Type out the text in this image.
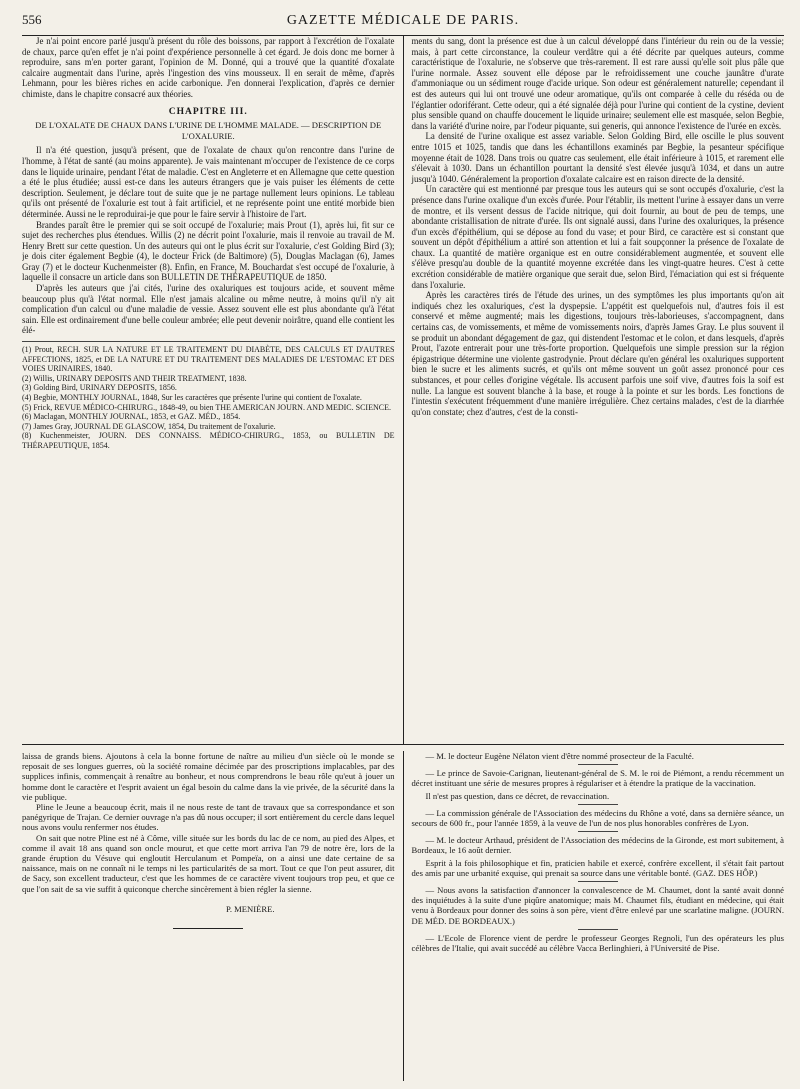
556	GAZETTE MÉDICALE DE PARIS.

Je n'ai point encore parlé jusqu'à présent du rôle des boissons, par rapport à l'excrétion de l'oxalate de chaux, parce qu'en effet je n'ai point d'expérience personnelle à cet égard. Je dois donc me borner à reproduire, sans m'en porter garant, l'opinion de M. Donné, qui a trouvé que la quantité d'oxalate calcaire augmentait dans l'urine, après l'ingestion des vins mousseux. Il en serait de même, d'après Lehmann, pour les bières riches en acide carbonique. J'en donnerai l'explication, d'après ce dernier chimiste, dans le chapitre consacré aux théories.

CHAPITRE III.

DE L'OXALATE DE CHAUX DANS L'URINE DE L'HOMME MALADE. — DESCRIPTION DE L'OXALURIE.

Il n'a été question, jusqu'à présent, que de l'oxalate de chaux qu'on rencontre dans l'urine de l'homme, à l'état de santé (au moins apparente). Je vais maintenant m'occuper de l'existence de ce corps dans le liquide urinaire, pendant l'état de maladie. C'est en Angleterre et en Allemagne que cette question a été le plus étudiée; aussi est-ce dans les auteurs étrangers que je vais puiser les éléments de cette description. Seulement, je déclare tout de suite que je ne partage nullement leurs opinions. Le tableau qu'ils ont présenté de l'oxalurie est tout à fait artificiel, et ne représente point une entité morbide bien déterminée. Aussi ne le reproduirai-je que pour le faire servir à l'histoire de l'art.

Brandes paraît être le premier qui se soit occupé de l'oxalurie; mais Prout (1), après lui, fit sur ce sujet des recherches plus étendues. Willis (2) ne décrit point l'oxalurie, mais il renvoie au travail de M. Henry Brett sur cette question. Un des auteurs qui ont le plus écrit sur l'oxalurie, c'est Golding Bird (3); je dois citer également Begbie (4), le docteur Frick (de Baltimore) (5), Douglas Maclagan (6), James Gray (7) et le docteur Kuchenmeister (8). Enfin, en France, M. Bouchardat s'est occupé de l'oxalurie, à laquelle il consacre un article dans son BULLETIN DE THÉRAPEUTIQUE de 1850.

D'après les auteurs que j'ai cités, l'urine des oxaluriques est toujours acide, et souvent même beaucoup plus qu'à l'état normal. Elle n'est jamais alcaline ou même neutre, à moins qu'il n'y ait complication d'un calcul ou d'une maladie de vessie. Assez souvent elle est plus abondante qu'à l'état sain. Elle est ordinairement d'une belle couleur ambrée; elle peut devenir noirâtre, quand elle contient les élé-

(1) Prout, RECH. SUR LA NATURE ET LE TRAITEMENT DU DIABÈTE, DES CALCULS ET D'AUTRES AFFECTIONS, 1825, et DE LA NATURE ET DU TRAITEMENT DES MALADIES DE L'ESTOMAC ET DES VOIES URINAIRES, 1840.

(2) Willis, URINARY DEPOSITS AND THEIR TREATMENT, 1838.

(3) Golding Bird, URINARY DEPOSITS, 1856.

(4) Begbie, MONTHLY JOURNAL, 1848, Sur les caractères que présente l'urine qui contient de l'oxalate.

(5) Frick, REVUE MÉDICO-CHIRURG., 1848-49, ou bien THE AMERICAN JOURN. AND MEDIC. SCIENCE.

(6) Maclagan, MONTHLY JOURNAL, 1853, et GAZ. MÉD., 1854.

(7) James Gray, JOURNAL DE GLASCOW, 1854, Du traitement de l'oxalurie.

(8) Kuchenmeister, JOURN. DES CONNAISS. MÉDICO-CHIRURG., 1853, ou BULLETIN DE THÉRAPEUTIQUE, 1854.

ments du sang, dont la présence est due à un calcul développé dans l'intérieur du rein ou de la vessie; mais, à part cette circonstance, la couleur verdâtre qui a été décrite par quelques auteurs, comme caractéristique de l'oxalurie, ne s'observe que très-rarement. Il est rare aussi qu'elle soit plus pâle que l'urine normale. Assez souvent elle dépose par le refroidissement une couche jaunâtre d'urate d'ammoniaque ou un sédiment rouge d'acide urique. Son odeur est généralement naturelle; cependant il est des auteurs qui lui ont trouvé une odeur aromatique, qu'ils ont comparée à celle du réséda ou de l'églantier odoriférant. Cette odeur, qui a été signalée déjà pour l'urine qui contient de la cystine, devient plus sensible quand on chauffe doucement le liquide urinaire; seulement elle est masquée, selon Begbie, dans la variété d'urine noire, par l'odeur piquante, sui generis, qui annonce l'existence de l'urée en excès.

La densité de l'urine oxalique est assez variable. Selon Golding Bird, elle oscille le plus souvent entre 1015 et 1025, tandis que dans les échantillons examinés par Begbie, la pesanteur spécifique moyenne était de 1028. Dans trois ou quatre cas seulement, elle était inférieure à 1015, et rarement elle s'élevait à 1030. Dans un échantillon pourtant la densité s'est élevée jusqu'à 1034, et dans un autre jusqu'à 1040. Généralement la proportion d'oxalate calcaire est en raison directe de la densité.

Un caractère qui est mentionné par presque tous les auteurs qui se sont occupés d'oxalurie, c'est la présence dans l'urine oxalique d'un excès d'urée. Pour l'établir, ils mettent l'urine à essayer dans un verre de montre, et ils versent dessus de l'acide nitrique, qui doit fournir, au bout de peu de temps, une abondante cristallisation de nitrate d'urée. Ils ont signalé aussi, dans l'urine des oxaluriques, la présence d'un excès d'épithélium, qui se dépose au fond du vase; et pour Bird, ce caractère est si constant que souvent un dépôt d'épithélium a attiré son attention et lui a fait soupçonner la présence de l'oxalate de chaux. La quantité de matière organique est en outre considérablement augmentée, et souvent elle s'élève presqu'au double de la quantité moyenne excrétée dans les vingt-quatre heures. C'est à cette excrétion considérable de matière organique que serait due, selon Bird, l'émaciation qui est si fréquente dans l'oxalurie.

Après les caractères tirés de l'étude des urines, un des symptômes les plus importants qu'on ait indiqués chez les oxaluriques, c'est la dyspepsie. L'appétit est quelquefois nul, d'autres fois il est conservé et même augmenté; mais les digestions, toujours très-laborieuses, s'accompagnent, dans certains cas, de vomissements, et même de vomissements noirs, d'après James Gray. Le plus souvent il se produit un abondant dégagement de gaz, qui distendent l'estomac et le colon, et dans lesquels, d'après Prout, l'azote entrerait pour une très-forte proportion. Quelquefois une simple pression sur la région épigastrique détermine une violente gastrodynie. Prout déclare qu'en général les oxaluriques supportent bien le sucre et les aliments sucrés, et qu'ils ont même souvent un goût assez prononcé pour ces substances, et pour celles d'origine végétale. Ils accusent parfois une soif vive, d'autres fois la soif est nulle. La langue est souvent blanche à la base, et rouge à la pointe et sur les bords. Les fonctions de l'intestin s'exécutent fréquemment d'une manière irrégulière. Chez certains malades, c'est de la diarrhée qu'on constate; chez d'autres, c'est de la consti-

laissa de grands biens. Ajoutons à cela la bonne fortune de naître au milieu d'un siècle où le monde se reposait de ses longues guerres, où la société romaine décimée par des proscriptions implacables, par des supplices infinis, commençait à renaître au bonheur, et nous comprendrons le beau rôle qu'eut à jouer un homme dont le caractère et l'esprit avaient un égal besoin du calme dans la vie privée, de la sécurité dans la vie publique.

Pline le Jeune a beaucoup écrit, mais il ne nous reste de tant de travaux que sa correspondance et son panégyrique de Trajan. Ce dernier ouvrage n'a pas dû nous occuper; il sort entièrement du cercle dans lequel nous avons voulu renfermer nos études.

On sait que notre Pline est né à Côme, ville située sur les bords du lac de ce nom, au pied des Alpes, et comme il avait 18 ans quand son oncle mourut, et que cette mort arriva l'an 79 de notre ère, lors de la grande éruption du Vésuve qui engloutit Herculanum et Pompeïa, on a ainsi une date certaine de sa naissance, mais on ne connaît ni le temps ni les particularités de sa mort. Tout ce que l'on peut assurer, dit de Sacy, son excellent traducteur, c'est que les hommes de ce caractère vivent toujours trop peu, et que ce que l'on sait de sa vie suffit à quiconque cherche sincèrement à bien régler la sienne.

P. MENIÈRE.

— M. le docteur Eugène Nélaton vient d'être nommé prosecteur de la Faculté.

— Le prince de Savoie-Carignan, lieutenant-général de S. M. le roi de Piémont, a rendu récemment un décret instituant une série de mesures propres à régulariser et à étendre la pratique de la vaccination.

Il n'est pas question, dans ce décret, de revaccination.

— La commission générale de l'Association des médecins du Rhône a voté, dans sa dernière séance, un secours de 600 fr., pour l'année 1859, à la veuve de l'un de nos plus honorables confrères de Lyon.

— M. le docteur Arthaud, président de l'Association des médecins de la Gironde, est mort subitement, à Bordeaux, le 16 août dernier.

Esprit à la fois philosophique et fin, praticien habile et exercé, confrère excellent, il s'était fait partout des amis par une urbanité exquise, qui prenait sa source dans une véritable bonté. (GAZ. DES HÔP.)

— Nous avons la satisfaction d'annoncer la convalescence de M. Chaumet, dont la santé avait donné des inquiétudes à la suite d'une piqûre anatomique; mais M. Chaumet fils, étudiant en médecine, qui était venu à Bordeaux pour donner des soins à son père, vient d'être enlevé par une scarlatine maligne. (JOURN. DE MÉD. DE BORDEAUX.)

— L'Ecole de Florence vient de perdre le professeur Georges Regnoli, l'un des opérateurs les plus célèbres de l'Italie, qui avait succédé au célèbre Vacca Berlinghieri, à l'Université de Pise.
